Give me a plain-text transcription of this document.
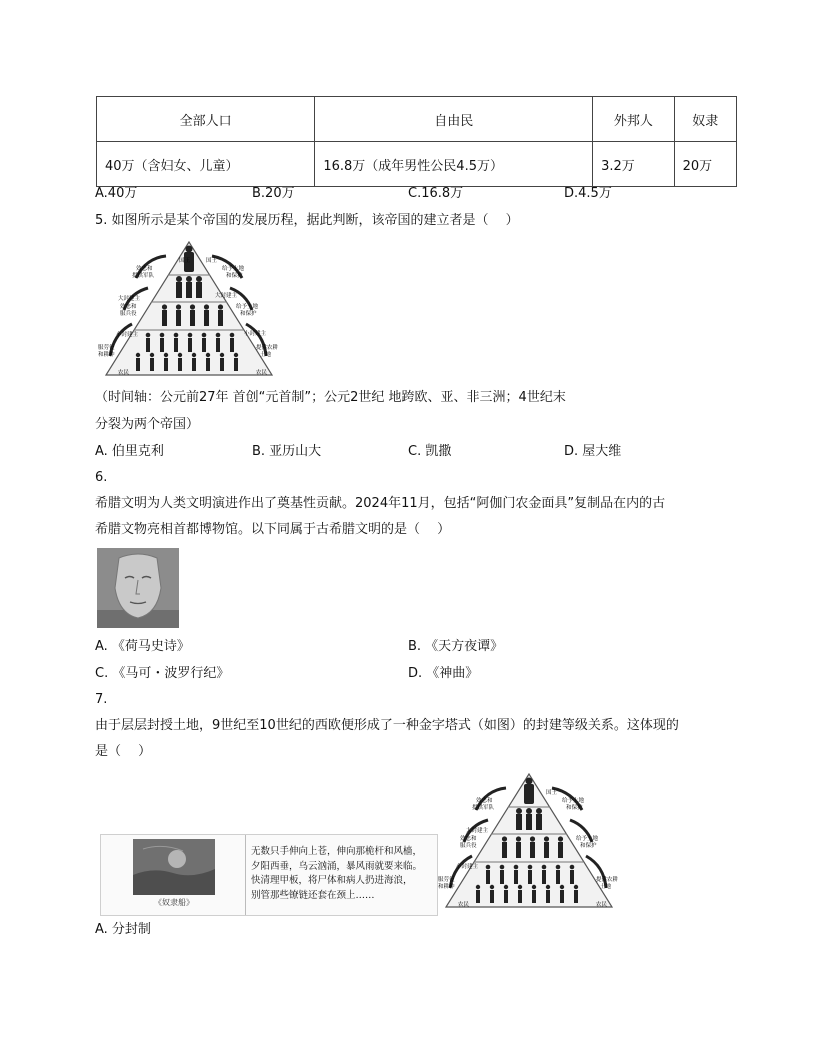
全部人口	自由民	外邦人	奴隶
40万（含妇女、儿童）	16.8万（成年男性公民4.5万）	3.2万	20万
A.40万	B.20万	C.16.8万	D.4.5万
5. 如图所示是某个帝国的发展历程，据此判断，该帝国的建立者是（　 ）
国王	国王
大封建主
大封建主
小封建主	小封建主
农民	农民
效忠和
提供军队
效忠和
服兵役
服劳役
和耕种
给予土地
和保护
给予土地
和保护
提供农耕
土地
（时间轴：公元前27年 首创“元首制”；公元2世纪 地跨欧、亚、非三洲；4世纪末
分裂为两个帝国）
A. 伯里克利	B. 亚历山大	C. 凯撒	D. 屋大维
6.
希腊文明为人类文明演进作出了奠基性贡献。2024年11月，包括“阿伽门农金面具”复制品在内的古
希腊文物亮相首都博物馆。以下同属于古希腊文明的是（　 ）
A. 《荷马史诗》	B. 《天方夜谭》
C. 《马可・波罗行纪》	D. 《神曲》
7.
由于层层封授土地，9世纪至10世纪的西欧便形成了一种金字塔式（如图）的封建等级关系。这体现的
是（　 ）
《奴隶船》
无数只手伸向上苍，伸向那桅杆和风樯，
夕阳西垂，乌云汹涌，暴风雨就要来临。
快清理甲板，将尸体和病人扔进海浪，
别管那些镣链还套在颈上……
国王
大封建主
小封建主
农民	农民
效忠和
提供军队
效忠和
服兵役
服劳役
和耕种
给予土地
和保护
给予土地
和保护
提供农耕
土地
A. 分封制
